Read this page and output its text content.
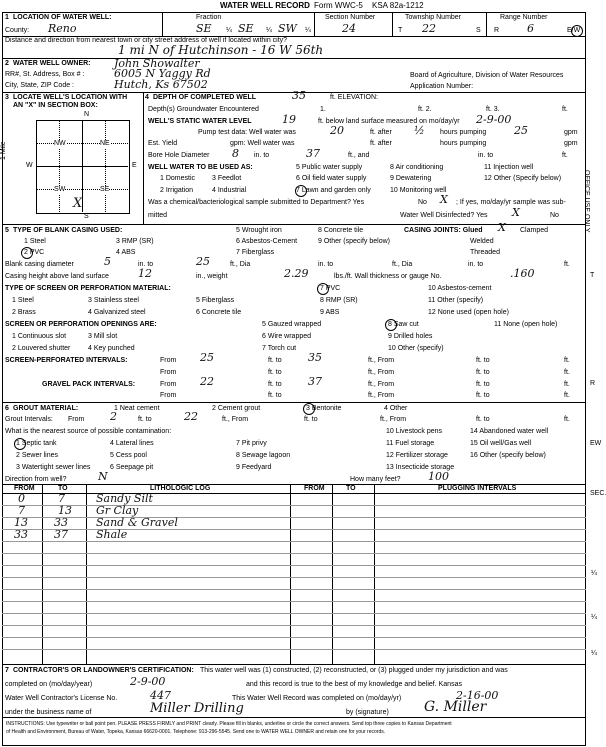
WATER WELL RECORD Form WWC-5 KSA 82a-1212
1 LOCATION OF WATER WELL:	Fraction	Section Number	Township Number	Range Number
County: Reno	SE ¼ SE ¼ SW ¼	24	T 22	S R	6	E/W
Distance and direction from nearest town or city street address of well if located within city?
1 mi N of Hutchinson - 16 W 56th
2 WATER WELL OWNER: John Showalter
RR#, St. Address, Box # :	6005 N Yaggy Rd
City, State, ZIP Code :	Hutch, Ks 67502
Board of Agriculture, Division of Water Resources
Application Number:
3 LOCATE WELL'S LOCATION WITH
AN "X" IN SECTION BOX:
N
S
W	E
1 Mile	NW	NE
SW	SE
X
4 DEPTH OF COMPLETED WELL	35	ft. ELEVATION:
Depth(s) Groundwater Encountered	1.	ft. 2.	ft. 3.	ft.
WELL'S STATIC WATER LEVEL	19	ft. below land surface measured on mo/day/yr 2-9-00
Pump test data: Well water was	20	ft. after ½ hours pumping	25	gpm
Est. Yield	gpm: Well water was	ft. after	hours pumping	gpm
Bore Hole Diameter 8 in. to	37	ft., and	in. to	ft.
WELL WATER TO BE USED AS:
1 Domestic 3 Feedlot
5 Public water supply	8 Air conditioning	11 Injection well
2 Irrigation	4 Industrial	7 Lawn and garden only
9 Dewatering	12 Other (Specify below)
6 Oil field water supply
10 Monitoring well
Was a chemical/bacteriological sample submitted to Department? Yes	No X ; If yes, mo/day/yr sample was sub-
mitted	Water Well Disinfected? Yes X	No
5 TYPE OF BLANK CASING USED:	5 Wrought iron	8 Concrete tile	CASING JOINTS: Glued X Clamped
1 Steel	3 RMP (SR)	6 Asbestos-Cement	9 Other (specify below)	Welded
2 PVC	4 ABS	7 Fiberglass	Threaded
Blank casing diameter	5	in. to	25	ft., Dia	in. to	ft., Dia	in. to	ft.
Casing height above land surface	12	in., weight	2.29	lbs./ft. Wall thickness or gauge No.	.160
TYPE OF SCREEN OR PERFORATION MATERIAL:	7 PVC
1 Steel	3 Stainless steel	5 Fiberglass	8 RMP (SR)
10 Asbestos-cement
11 Other (specify)
2 Brass	4 Galvanized steel	6 Concrete tile	9 ABS	12 None used (open hole)
SCREEN OR PERFORATION OPENINGS ARE:
1 Continuous slot	3 Mill slot
5 Gauzed wrapped	8 Saw cut	11 None (open hole)
2 Louvered shutter	4 Key punched
6 Wire wrapped
7 Torch cut
9 Drilled holes
10 Other (specify)
SCREEN-PERFORATED INTERVALS:	From 25	ft. to 35	ft., From	ft. to	ft.
From	ft. to	ft., From	ft. to	ft.
GRAVEL PACK INTERVALS:	From 22	ft. to 37	ft., From	ft. to	ft.
From	ft. to	ft., From	ft. to	ft.
6 GROUT MATERIAL:	1 Neat cement	2 Cement grout	3 Bentonite	4 Other
Grout Intervals: From 2	ft. to	22	ft., From	ft. to	ft., From	ft. to	ft.
What is the nearest source of possible contamination:
1 Septic tank	4 Lateral lines	7 Pit privy
10 Livestock pens	14 Abandoned water well
2 Sewer lines	5 Cess pool	8 Sewage lagoon
11 Fuel storage	15 Oil well/Gas well
3 Watertight sewer lines	6 Seepage pit	9 Feedyard
12 Fertilizer storage	16 Other (specify below)
13 Insecticide storage
Direction from well?	N	How many feet? 100
FROM	TO	LITHOLOGIC LOG	FROM	TO	PLUGGING INTERVALS
0	7	Sandy Silt
7	13 Gr Clay
13 33	Sand & Gravel
33 37	Shale
7 CONTRACTOR'S OR LANDOWNER'S CERTIFICATION: This water well was (1) constructed, (2) reconstructed, or (3) plugged under my jurisdiction and was
completed on (mo/day/year)	2-9-00	and this record is true to the best of my knowledge and belief. Kansas
Water Well Contractor's License No.	447	This Water Well Record was completed on (mo/day/yr)	2-16-00
under the business name of	Miller Drilling	by (signature)	G. Miller
INSTRUCTIONS: Use typewriter or ball point pen. PLEASE PRESS FIRMLY and PRINT clearly. Please fill in blanks, underline or circle the correct answers. Send top three copies to Kansas Department
of Health and Environment, Bureau of Water, Topeka, Kansas 66620-0001. Telephone: 913-296-5545. Send one to WATER WELL OWNER and retain one for your records.
OFFICE USE ONLY
T
R
EW
SEC.
¼
¼
¼
